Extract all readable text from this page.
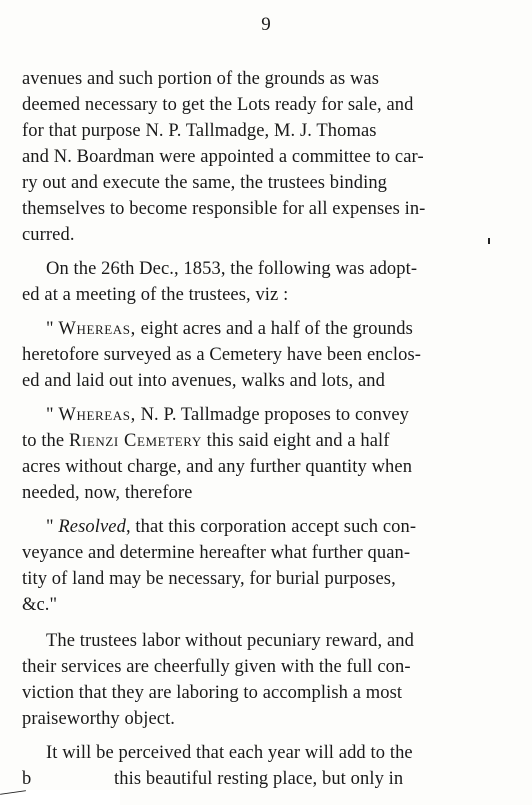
9
avenues and such portion of the grounds as was
deemed necessary to get the Lots ready for sale, and
for that purpose N. P. Tallmadge, M. J. Thomas
and N. Boardman were appointed a committee to car-
ry out and execute the same, the trustees binding
themselves to become responsible for all expenses in-
curred.
On the 26th Dec., 1853, the following was adopt-
ed at a meeting of the trustees, viz :
" Whereas, eight acres and a half of the grounds
heretofore surveyed as a Cemetery have been enclos-
ed and laid out into avenues, walks and lots, and
" Whereas, N. P. Tallmadge proposes to convey
to the Rienzi Cemetery this said eight and a half
acres without charge, and any further quantity when
needed, now, therefore
" Resolved, that this corporation accept such con-
veyance and determine hereafter what further quan-
tity of land may be necessary, for burial purposes,
&c."
The trustees labor without pecuniary reward, and
their services are cheerfully given with the full con-
viction that they are laboring to accomplish a most
praiseworthy object.
It will be perceived that each year will add to the
b	this beautiful resting place, but only in
